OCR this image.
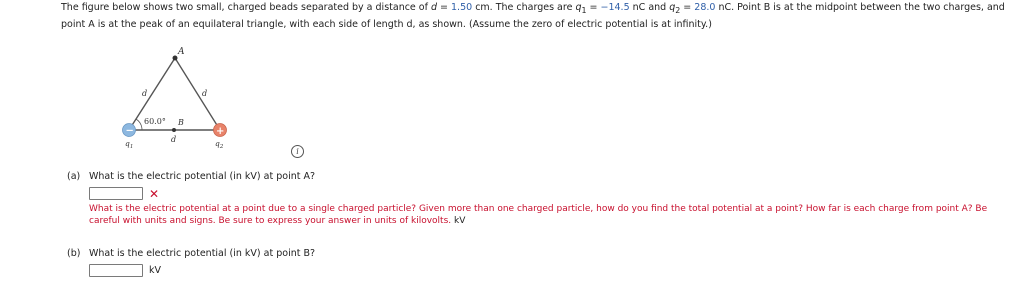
The figure below shows two small, charged beads separated by a distance of d = 1.50 cm. The charges are $q_1 = -14.5$ nC and $q_2 = 28.0$ nC. Point B is at the midpoint between the two charges, and point A is at the peak of an equilateral triangle, with each side of length d, as shown. (Assume the zero of electric potential is at infinity.)
−	+
A
B
d	d
d
60.0°
$q_1$	$q_2$	i
(a) What is the electric potential (in kV) at point A?
✕
What is the electric potential at a point due to a single charged particle? Given more than one charged particle, how do you find the total potential at a point? How far is each charge from point A? Be careful with units and signs. Be sure to express your answer in units of kilovolts. kV
(b) What is the electric potential (in kV) at point B?
kV
